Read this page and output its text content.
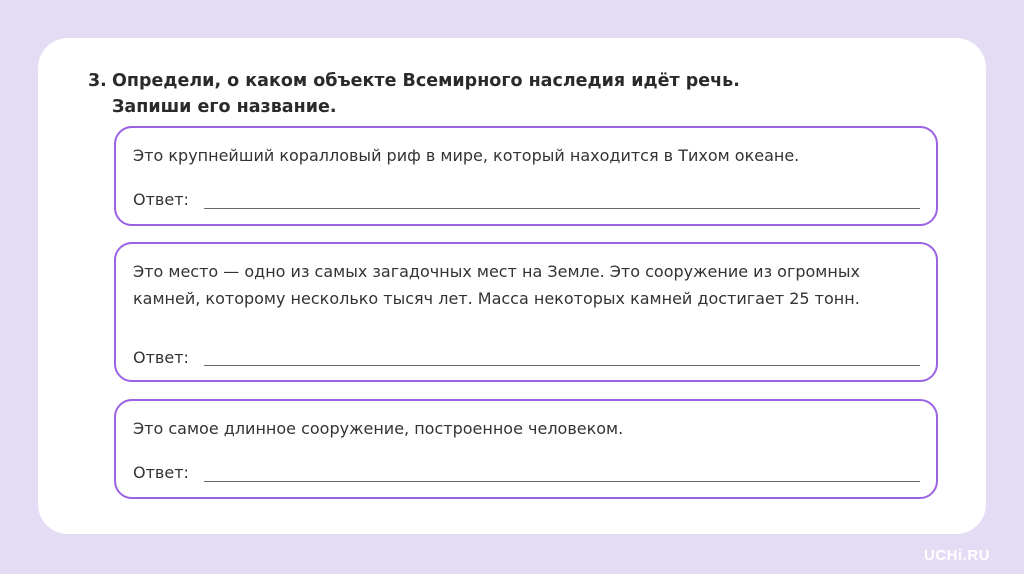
3. Определи, о каком объекте Всемирного наследия идёт речь.
Запиши его название.
Это крупнейший коралловый риф в мире, который находится в Тихом океане.
Ответ:
Это место — одно из самых загадочных мест на Земле. Это сооружение из огромных камней, которому несколько тысяч лет. Масса некоторых камней достигает 25 тонн.
Ответ:
Это самое длинное сооружение, построенное человеком.
Ответ:
UCHi.RU
